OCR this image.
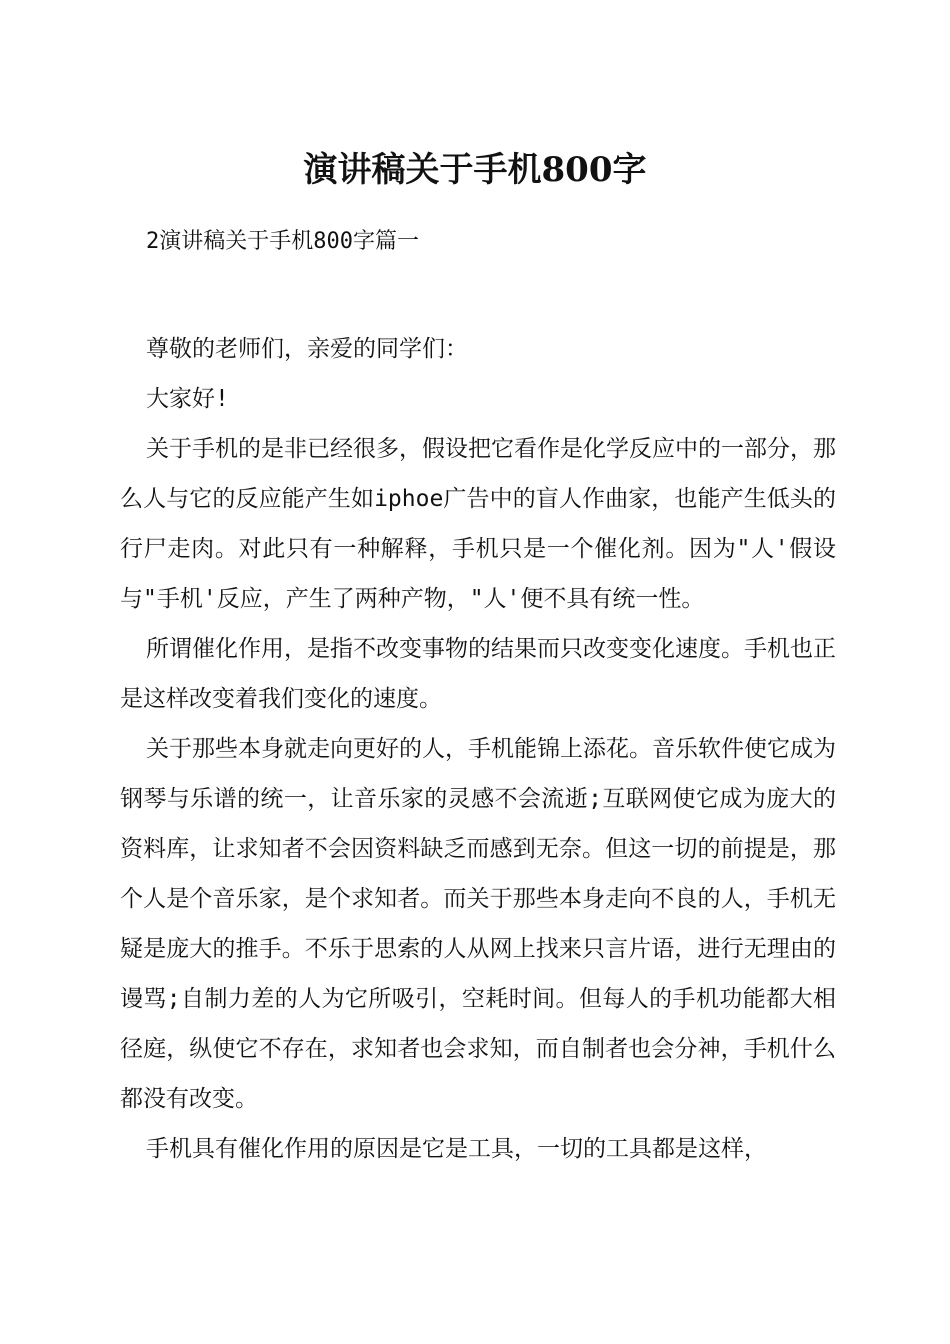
演讲稿关于手机800字
2演讲稿关于手机800字篇一

尊敬的老师们，亲爱的同学们：

大家好!

关于手机的是非已经很多，假设把它看作是化学反应中的一部分，那么人与它的反应能产生如iphoe广告中的盲人作曲家，也能产生低头的行尸走肉。对此只有一种解释，手机只是一个催化剂。因为"人'假设与"手机'反应，产生了两种产物，"人'便不具有统一性。

所谓催化作用，是指不改变事物的结果而只改变变化速度。手机也正是这样改变着我们变化的速度。

关于那些本身就走向更好的人，手机能锦上添花。音乐软件使它成为钢琴与乐谱的统一，让音乐家的灵感不会流逝;互联网使它成为庞大的资料库，让求知者不会因资料缺乏而感到无奈。但这一切的前提是，那个人是个音乐家，是个求知者。而关于那些本身走向不良的人，手机无疑是庞大的推手。不乐于思索的人从网上找来只言片语，进行无理由的谩骂;自制力差的人为它所吸引，空耗时间。但每人的手机功能都大相径庭，纵使它不存在，求知者也会求知，而自制者也会分神，手机什么都没有改变。

手机具有催化作用的原因是它是工具，一切的工具都是这样，
